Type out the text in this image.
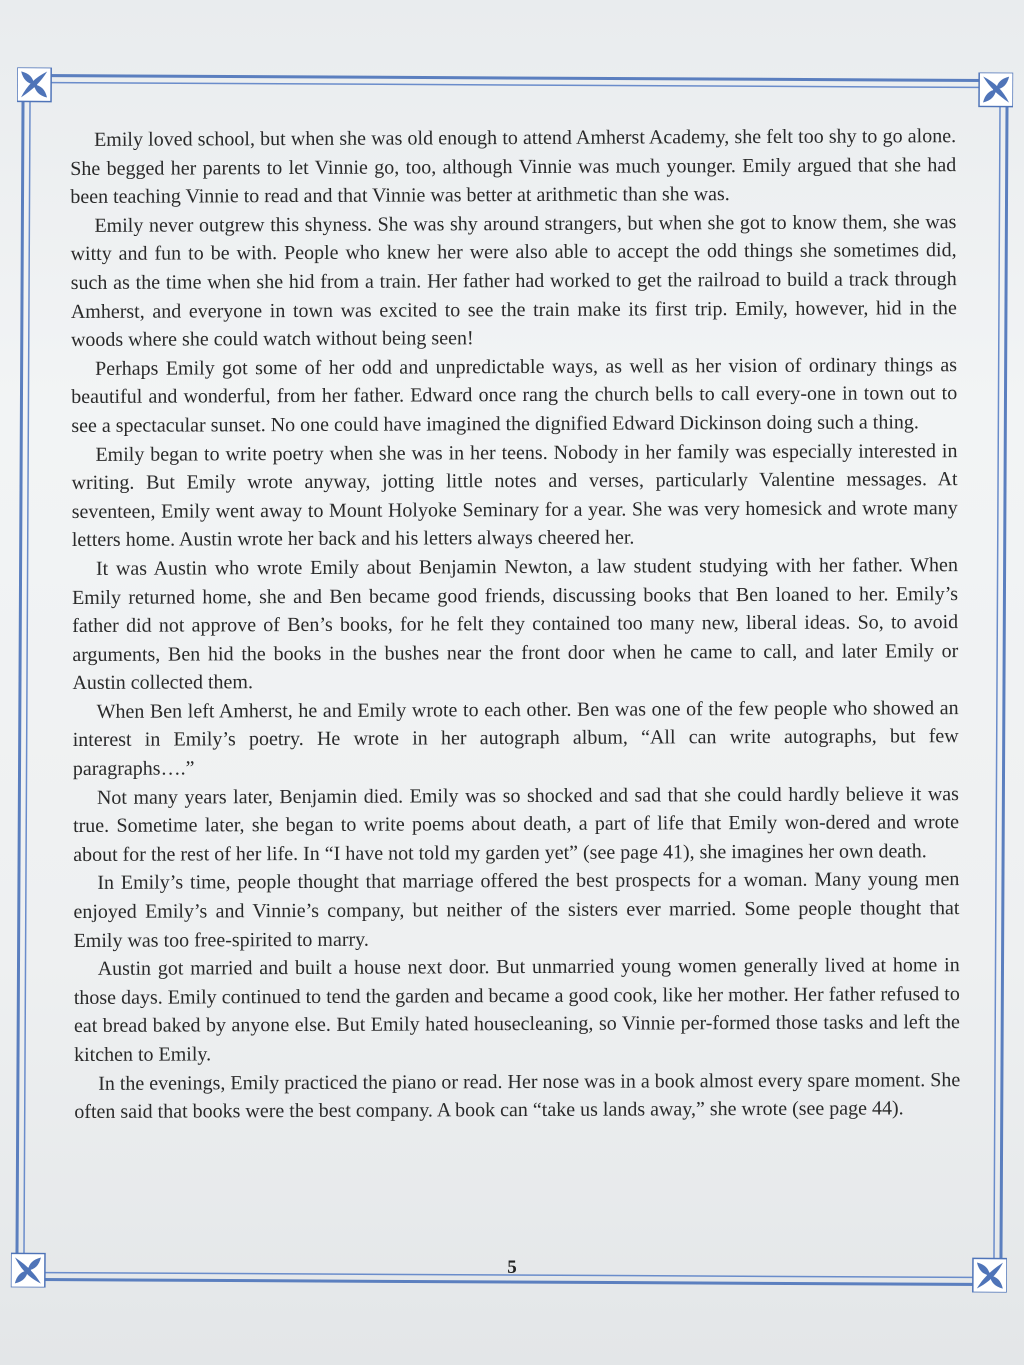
Emily loved school, but when she was old enough to attend Amherst Academy, she felt too shy to go alone. She begged her parents to let Vinnie go, too, although Vinnie was much younger. Emily argued that she had been teaching Vinnie to read and that Vinnie was better at arithmetic than she was.

Emily never outgrew this shyness. She was shy around strangers, but when she got to know them, she was witty and fun to be with. People who knew her were also able to accept the odd things she sometimes did, such as the time when she hid from a train. Her father had worked to get the railroad to build a track through Amherst, and everyone in town was excited to see the train make its first trip. Emily, however, hid in the woods where she could watch without being seen!

Perhaps Emily got some of her odd and unpredictable ways, as well as her vision of ordinary things as beautiful and wonderful, from her father. Edward once rang the church bells to call every-one in town out to see a spectacular sunset. No one could have imagined the dignified Edward Dickinson doing such a thing.

Emily began to write poetry when she was in her teens. Nobody in her family was especially interested in writing. But Emily wrote anyway, jotting little notes and verses, particularly Valentine messages. At seventeen, Emily went away to Mount Holyoke Seminary for a year. She was very homesick and wrote many letters home. Austin wrote her back and his letters always cheered her.

It was Austin who wrote Emily about Benjamin Newton, a law student studying with her father. When Emily returned home, she and Ben became good friends, discussing books that Ben loaned to her. Emily’s father did not approve of Ben’s books, for he felt they contained too many new, liberal ideas. So, to avoid arguments, Ben hid the books in the bushes near the front door when he came to call, and later Emily or Austin collected them.

When Ben left Amherst, he and Emily wrote to each other. Ben was one of the few people who showed an interest in Emily’s poetry. He wrote in her autograph album, “All can write autographs, but few paragraphs….”

Not many years later, Benjamin died. Emily was so shocked and sad that she could hardly believe it was true. Sometime later, she began to write poems about death, a part of life that Emily won-dered and wrote about for the rest of her life. In “I have not told my garden yet” (see page 41), she imagines her own death.

In Emily’s time, people thought that marriage offered the best prospects for a woman. Many young men enjoyed Emily’s and Vinnie’s company, but neither of the sisters ever married. Some people thought that Emily was too free-spirited to marry.

Austin got married and built a house next door. But unmarried young women generally lived at home in those days. Emily continued to tend the garden and became a good cook, like her mother. Her father refused to eat bread baked by anyone else. But Emily hated housecleaning, so Vinnie per-formed those tasks and left the kitchen to Emily.

In the evenings, Emily practiced the piano or read. Her nose was in a book almost every spare moment. She often said that books were the best company. A book can “take us lands away,” she wrote (see page 44).

5
